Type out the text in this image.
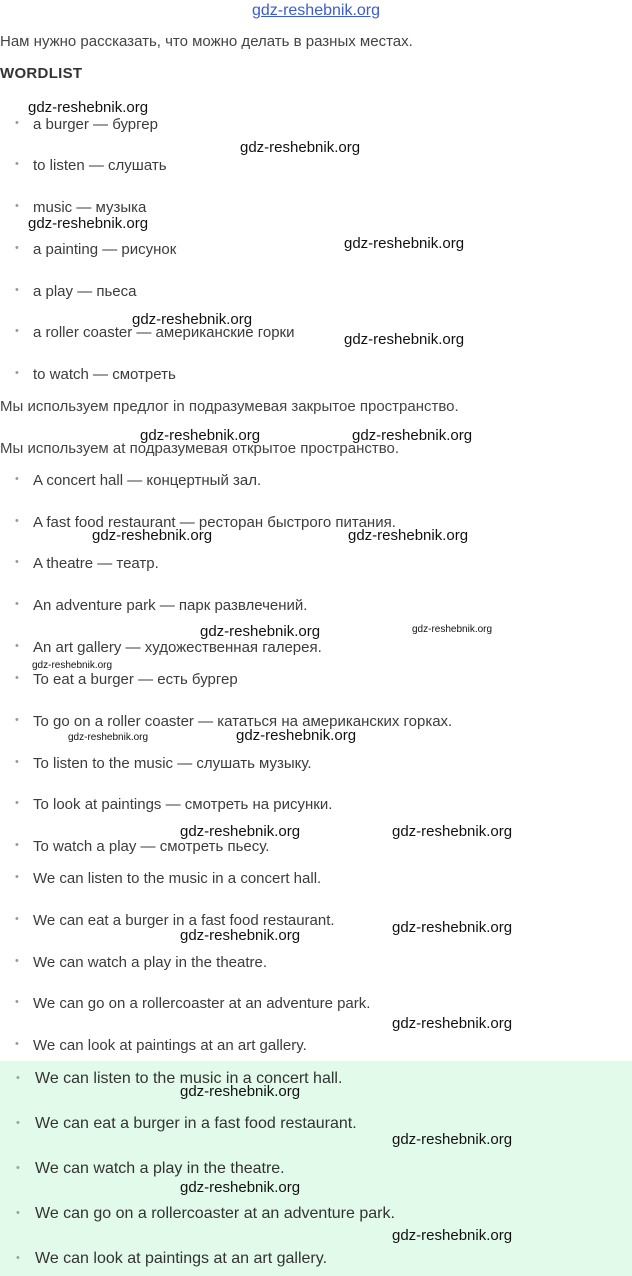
gdz-reshebnik.org
Нам нужно рассказать, что можно делать в разных местах.
WORDLIST
• a burger — бургер
• to listen — слушать
• music — музыка
• a painting — рисунок
• a play — пьеса
• a roller coaster — американские горки
• to watch — смотреть
Мы используем предлог in подразумевая закрытое пространство.
Мы используем at подразумевая открытое пространство.
• A concert hall — концертный зал.
• A fast food restaurant — ресторан быстрого питания.
• A theatre — театр.
• An adventure park — парк развлечений.
• An art gallery — художественная галерея.
• To eat a burger — есть бургер
• To go on a roller coaster — кататься на американских горках.
• To listen to the music — слушать музыку.
• To look at paintings — смотреть на рисунки.
• To watch a play — смотреть пьесу.
• We can listen to the music in a concert hall.
• We can eat a burger in a fast food restaurant.
• We can watch a play in the theatre.
• We can go on a rollercoaster at an adventure park.
• We can look at paintings at an art gallery.
• We can listen to the music in a concert hall.
• We can eat a burger in a fast food restaurant.
• We can watch a play in the theatre.
• We can go on a rollercoaster at an adventure park.
• We can look at paintings at an art gallery.
gdz-reshebnik.org
gdz-reshebnik.org
gdz-reshebnik.org
gdz-reshebnik.org
gdz-reshebnik.org
gdz-reshebnik.org
gdz-reshebnik.org	gdz-reshebnik.org
gdz-reshebnik.org	gdz-reshebnik.org
gdz-reshebnik.org	gdz-reshebnik.org
gdz-reshebnik.org
gdz-reshebnik.org	gdz-reshebnik.org
gdz-reshebnik.org	gdz-reshebnik.org
gdz-reshebnik.org
gdz-reshebnik.org
gdz-reshebnik.org
gdz-reshebnik.org
gdz-reshebnik.org
gdz-reshebnik.org
gdz-reshebnik.org
